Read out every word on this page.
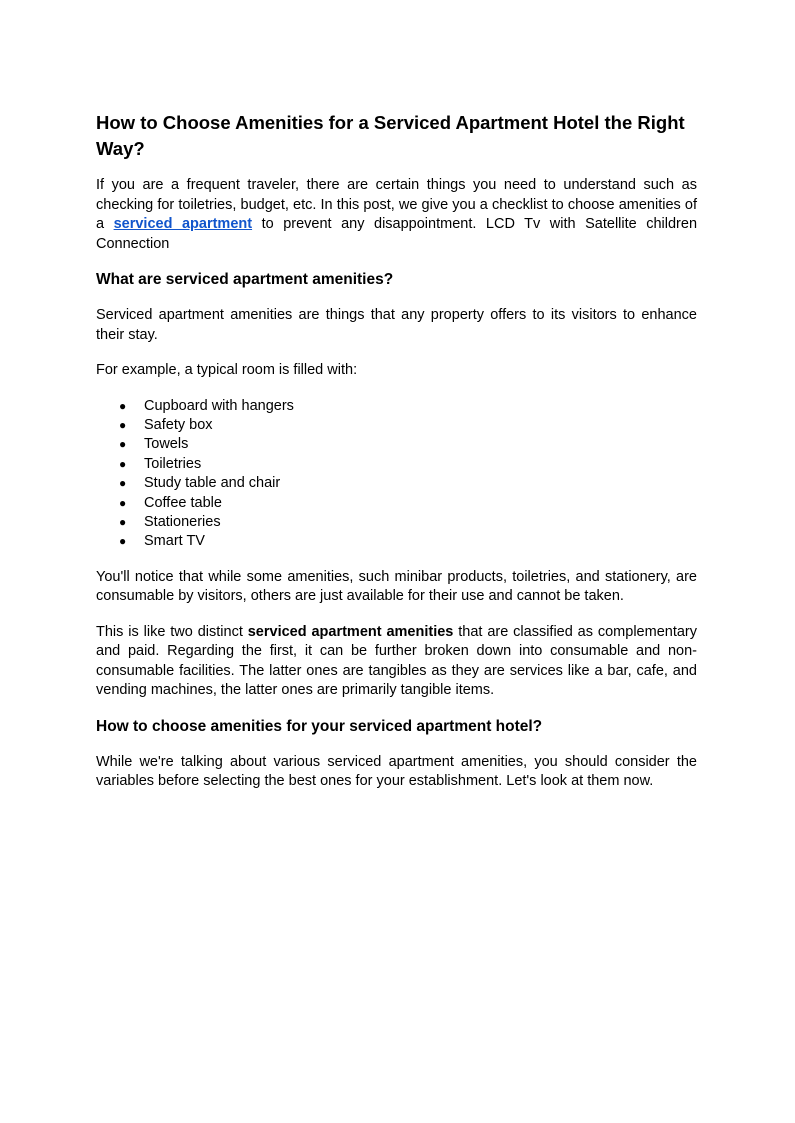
How to Choose Amenities for a Serviced Apartment Hotel the Right Way?

If you are a frequent traveler, there are certain things you need to understand such as checking for toiletries, budget, etc. In this post, we give you a checklist to choose amenities of a serviced apartment to prevent any disappointment. LCD Tv with Satellite children Connection

What are serviced apartment amenities?

Serviced apartment amenities are things that any property offers to its visitors to enhance their stay.

For example, a typical room is filled with:

● Cupboard with hangers
● Safety box
● Towels
● Toiletries
● Study table and chair
● Coffee table
● Stationeries
● Smart TV

You'll notice that while some amenities, such minibar products, toiletries, and stationery, are consumable by visitors, others are just available for their use and cannot be taken.

This is like two distinct serviced apartment amenities that are classified as complementary and paid. Regarding the first, it can be further broken down into consumable and non-consumable facilities. The latter ones are tangibles as they are services like a bar, cafe, and vending machines, the latter ones are primarily tangible items.

How to choose amenities for your serviced apartment hotel?

While we're talking about various serviced apartment amenities, you should consider the variables before selecting the best ones for your establishment. Let's look at them now.
